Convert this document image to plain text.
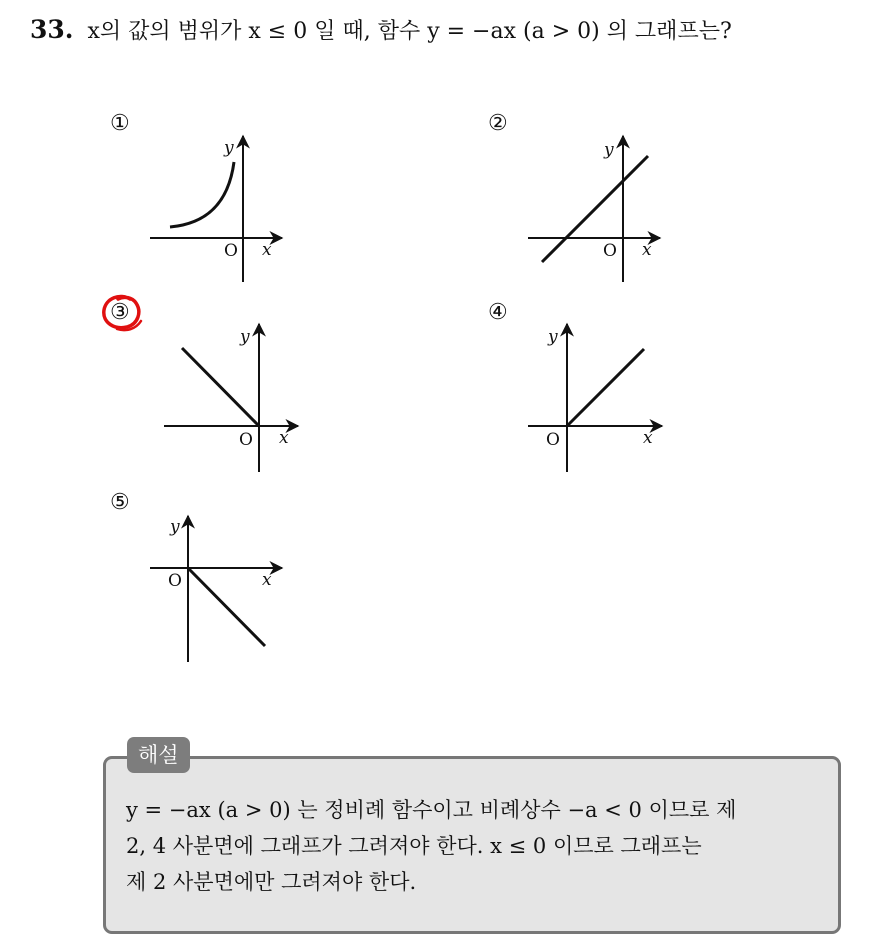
33. x의 값의 범위가 x ≤ 0 일 때, 함수 y = −ax (a > 0) 의 그래프는?
①
y
O x
②
y
O x
③
y
O x
④
y
O	x
⑤
y
O	x
해설
y = −ax (a > 0) 는 정비례 함수이고 비례상수 −a < 0 이므로 제
2, 4 사분면에 그래프가 그려져야 한다. x ≤ 0 이므로 그래프는
제 2 사분면에만 그려져야 한다.
